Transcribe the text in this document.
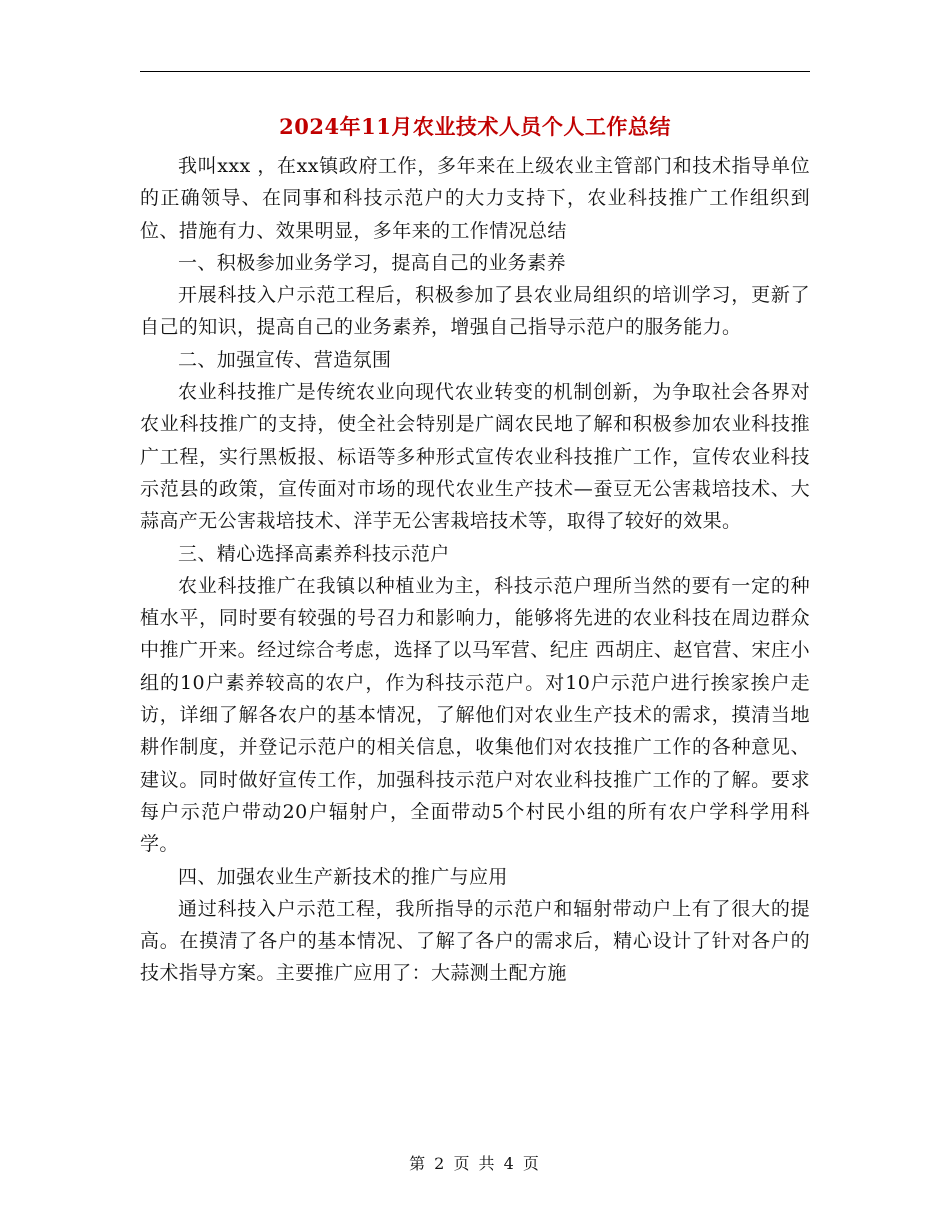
2024年11月农业技术人员个人工作总结

我叫xxx ，在xx镇政府工作，多年来在上级农业主管部门和技术指导单位的正确领导、在同事和科技示范户的大力支持下，农业科技推广工作组织到位、措施有力、效果明显，多年来的工作情况总结

一、积极参加业务学习，提高自己的业务素养

开展科技入户示范工程后，积极参加了县农业局组织的培训学习，更新了自己的知识，提高自己的业务素养，增强自己指导示范户的服务能力。

二、加强宣传、营造氛围

农业科技推广是传统农业向现代农业转变的机制创新，为争取社会各界对农业科技推广的支持，使全社会特别是广阔农民地了解和积极参加农业科技推广工程，实行黑板报、标语等多种形式宣传农业科技推广工作，宣传农业科技示范县的政策，宣传面对市场的现代农业生产技术—蚕豆无公害栽培技术、大蒜高产无公害栽培技术、洋芋无公害栽培技术等，取得了较好的效果。

三、精心选择高素养科技示范户

农业科技推广在我镇以种植业为主，科技示范户理所当然的要有一定的种植水平，同时要有较强的号召力和影响力，能够将先进的农业科技在周边群众中推广开来。经过综合考虑，选择了以马军营、纪庄 西胡庄、赵官营、宋庄小组的10户素养较高的农户，作为科技示范户。对10户示范户进行挨家挨户走访，详细了解各农户的基本情况，了解他们对农业生产技术的需求，摸清当地耕作制度，并登记示范户的相关信息，收集他们对农技推广工作的各种意见、建议。同时做好宣传工作，加强科技示范户对农业科技推广工作的了解。要求每户示范户带动20户辐射户，全面带动5个村民小组的所有农户学科学用科学。

四、加强农业生产新技术的推广与应用

通过科技入户示范工程，我所指导的示范户和辐射带动户上有了很大的提高。在摸清了各户的基本情况、了解了各户的需求后，精心设计了针对各户的技术指导方案。主要推广应用了：大蒜测土配方施

第 2 页 共 4 页
